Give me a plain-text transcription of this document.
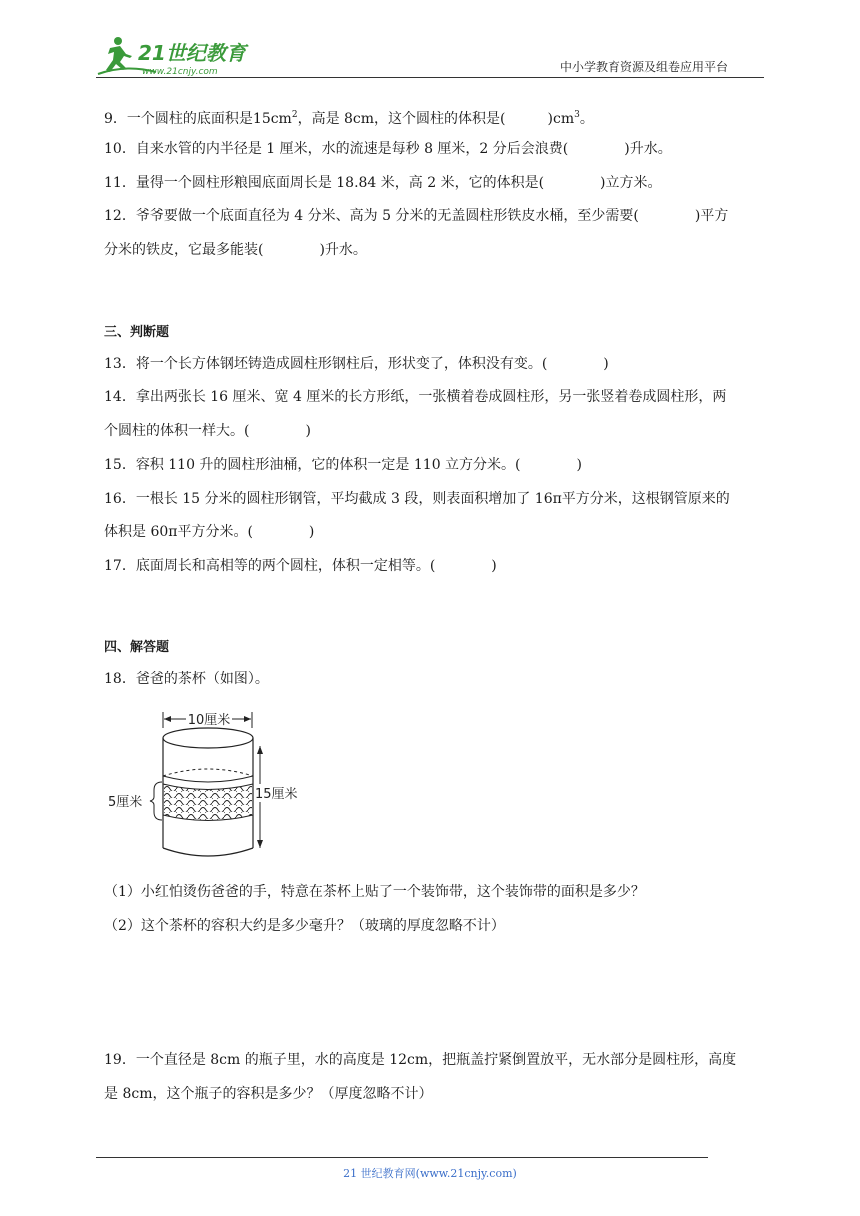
21世纪教育
www.21cnjy.com	中小学教育资源及组卷应用平台
9．一个圆柱的底面积是$15cm^2$，高是 8cm，这个圆柱的体积是(　　　)$cm^3$。
10．自来水管的内半径是 1 厘米，水的流速是每秒 8 厘米，2 分后会浪费(　　　　)升水。
11．量得一个圆柱形粮囤底面周长是 18.84 米，高 2 米，它的体积是(　　　　)立方米。
12．爷爷要做一个底面直径为 4 分米、高为 5 分米的无盖圆柱形铁皮水桶，至少需要(　　　　)平方
分米的铁皮，它最多能装(　　　　)升水。
三、判断题
13．将一个长方体钢坯铸造成圆柱形钢柱后，形状变了，体积没有变。(　　　　)
14．拿出两张长 16 厘米、宽 4 厘米的长方形纸，一张横着卷成圆柱形，另一张竖着卷成圆柱形，两
个圆柱的体积一样大。(　　　　)
15．容积 110 升的圆柱形油桶，它的体积一定是 110 立方分米。(　　　　)
16．一根长 15 分米的圆柱形钢管，平均截成 3 段，则表面积增加了 16π平方分米，这根钢管原来的
体积是 60π平方分米。(　　　　)
17．底面周长和高相等的两个圆柱，体积一定相等。(　　　　)
四、解答题
18．爸爸的茶杯（如图）。
10厘米
5厘米
15厘米
（1）小红怕烫伤爸爸的手，特意在茶杯上贴了一个装饰带，这个装饰带的面积是多少？
（2）这个茶杯的容积大约是多少毫升？（玻璃的厚度忽略不计）
19．一个直径是 8cm 的瓶子里，水的高度是 12cm，把瓶盖拧紧倒置放平，无水部分是圆柱形，高度
是 8cm，这个瓶子的容积是多少？（厚度忽略不计）
21 世纪教育网(www.21cnjy.com)
